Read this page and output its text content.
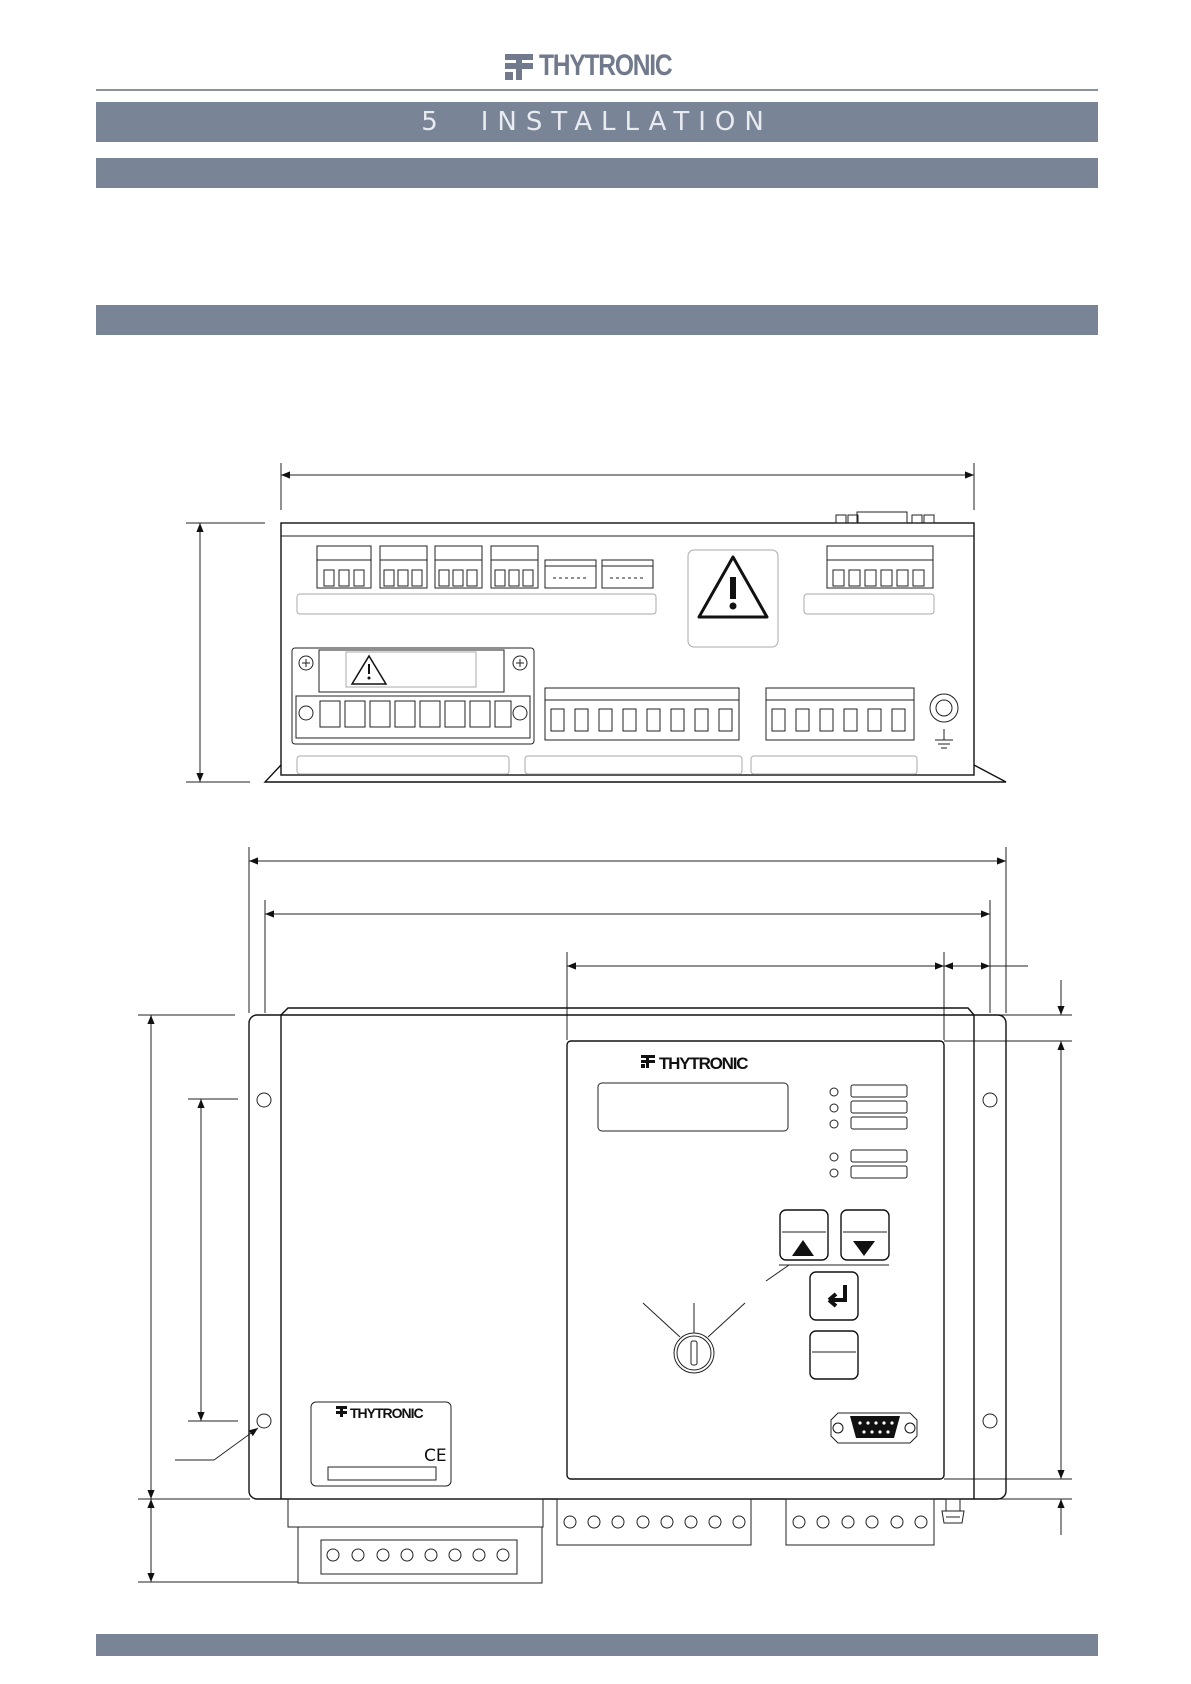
THYTRONIC
5 INSTALLATION
THYTRONIC
THYTRONIC
CE
